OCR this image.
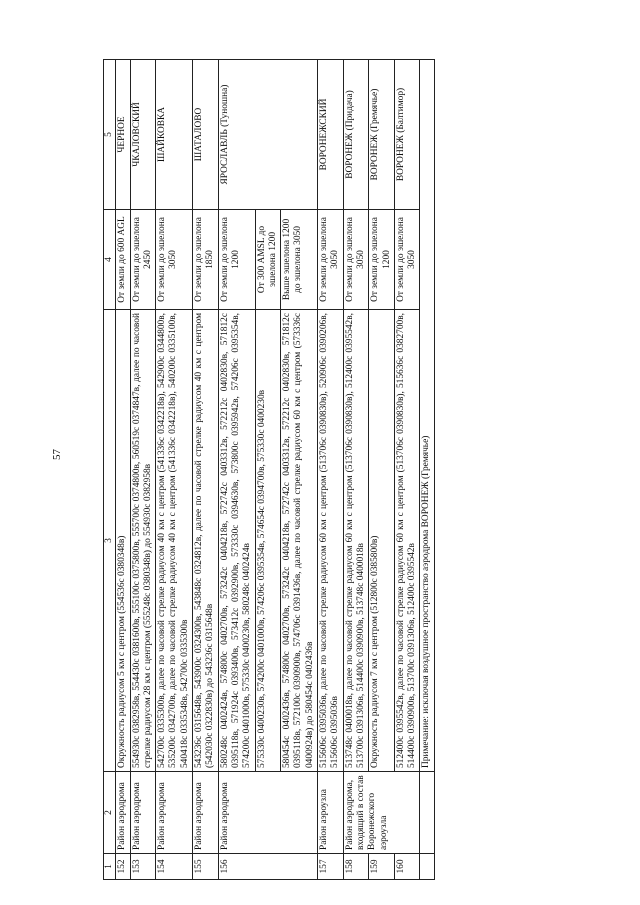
57
1	2	3	4	5
152	Район аэродрома	Окружность радиусом 5 км с центром (554536с 0380348в)	От земли до 600 AGL	ЧЕРНОЕ
153	Район аэродрома	554930с 0382958в, 554430с 0381600в, 555100с 0375800в, 555700с 0374800в, 560519с 0374847в, далее по часовой стрелке радиусом 28 км с центром (555248с 0380348в) до 554930с 0382958в	От земли до эшелона 2450	ЧКАЛОВСКИЙ
154	Район аэродрома	542700с 0335300в, далее по часовой стрелке радиусом 40 км с центром (541336с 0342218в), 542900с 0344800в, 535200с 0342700в, далее по часовой стрелке радиусом 40 км с центром (541336с 0342218в), 540200с 0335100в, 540418с 0335348в, 542700с 0335300в	От земли до эшелона 3050	ШАЙКОВКА
155	Район аэродрома	543236с 0315648в, 543900с 0324300в, 543848с 0324812в, далее по часовой стрелке радиусом 40 км с центром (542030с 0322830в) до 543236с 0315648в	От земли до эшелона 1850	ШАТАЛОВО
156	Район аэродрома	580248с 0402424в, 574800с 0402700в, 573242с 0404218в, 572742с 0403312в, 572212с 0402830в, 571812с 0395118в, 571924с 0393400в, 573412с 0392900в, 573330с 0394630в, 573800с 0395942в, 574206с 0395354в, 574200с 0401000в, 575330с 0400230в, 580248с 0402424в	От земли до эшелона 1200	ЯРОСЛАВЛЬ (Туношна)
		575330с 0400230в, 574200с 0401000в, 574206с 0395354в, 574654с 0394700в, 575330с 0400230в	От 300 AMSL до эшелона 1200	
		580454с 0402436в, 574800с 0402700в, 573242с 0404218в, 572742с 0403312в, 572212с 0402830в, 571812с 0395118в, 572100с 0390900в, 574706с 0391436в, далее по часовой стрелке радиусом 60 км с центром (573336с 0400924в) до 580454с 0402436в	Выше эшелона 1200 до эшелона 3050	
157	Район аэроузла	515606с 0395036в, далее по часовой стрелке радиусом 60 км с центром (513706с 0390830в), 520906с 0390206в, 515606с 0395036в	От земли до эшелона 3050	ВОРОНЕЖСКИЙ
158	Район аэродрома, входящий в состав Воронежского аэроузла	513748с 0400018в, далее по часовой стрелке радиусом 60 км с центром (513706с 0390830в), 512400с 0395542в, 513700с 0391306в, 514400с 0390900в, 513748с 0400018в	От земли до эшелона 3050	ВОРОНЕЖ (Придача)
159		Окружность радиусом 7 км с центром (512800с 0385800в)	От земли до эшелона 1200	ВОРОНЕЖ (Гремячье)
160		512400с 0395542в, далее по часовой стрелке радиусом 60 км с центром (513706с 0390830в), 515636с 0382700в, 514400с 0390900в, 513700с 0391306в, 512400с 0395542в	От земли до эшелона 3050	ВОРОНЕЖ (Балтимор)
		Примечание: исключая воздушное пространство аэродрома ВОРОНЕЖ (Гремячье)		
